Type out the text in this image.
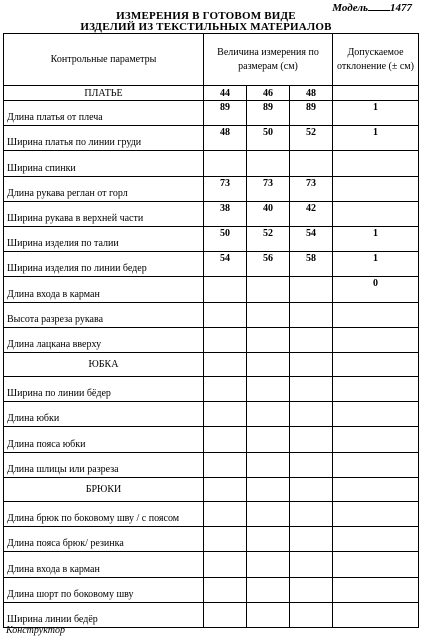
Модель 1477
ИЗМЕРЕНИЯ В ГОТОВОМ ВИДЕ
ИЗДЕЛИЙ ИЗ ТЕКСТИЛЬНЫХ МАТЕРИАЛОВ
Контрольные параметры	Величина измерения по размерам (см)			Допускаемое отклонение (± см)
ПЛАТЬЕ	44	46	48	
Длина платья от плеча	89	89	89	1
Ширина платья по линии груди	48	50	52	1
Ширина спинки				
Длина рукава реглан от горл	73	73	73	
Ширина рукава в верхней части	38	40	42	
Ширина изделия по талии	50	52	54	1
Ширина изделия по линии бедер	54	56	58	1
Длина входа в карман				0
Высота разреза рукава				
Длина лацкана вверху				
ЮБКА				
Ширина по линии бёдер				
Длина юбки				
Длина пояса юбки				
Длина шлицы или разреза				
БРЮКИ				
Длина брюк по боковому шву / с поясом				
Длина пояса брюк/ резинка				
Длина входа в карман				
Длина шорт по боковому шву				
Ширина линии бедёр				
Конструктор
